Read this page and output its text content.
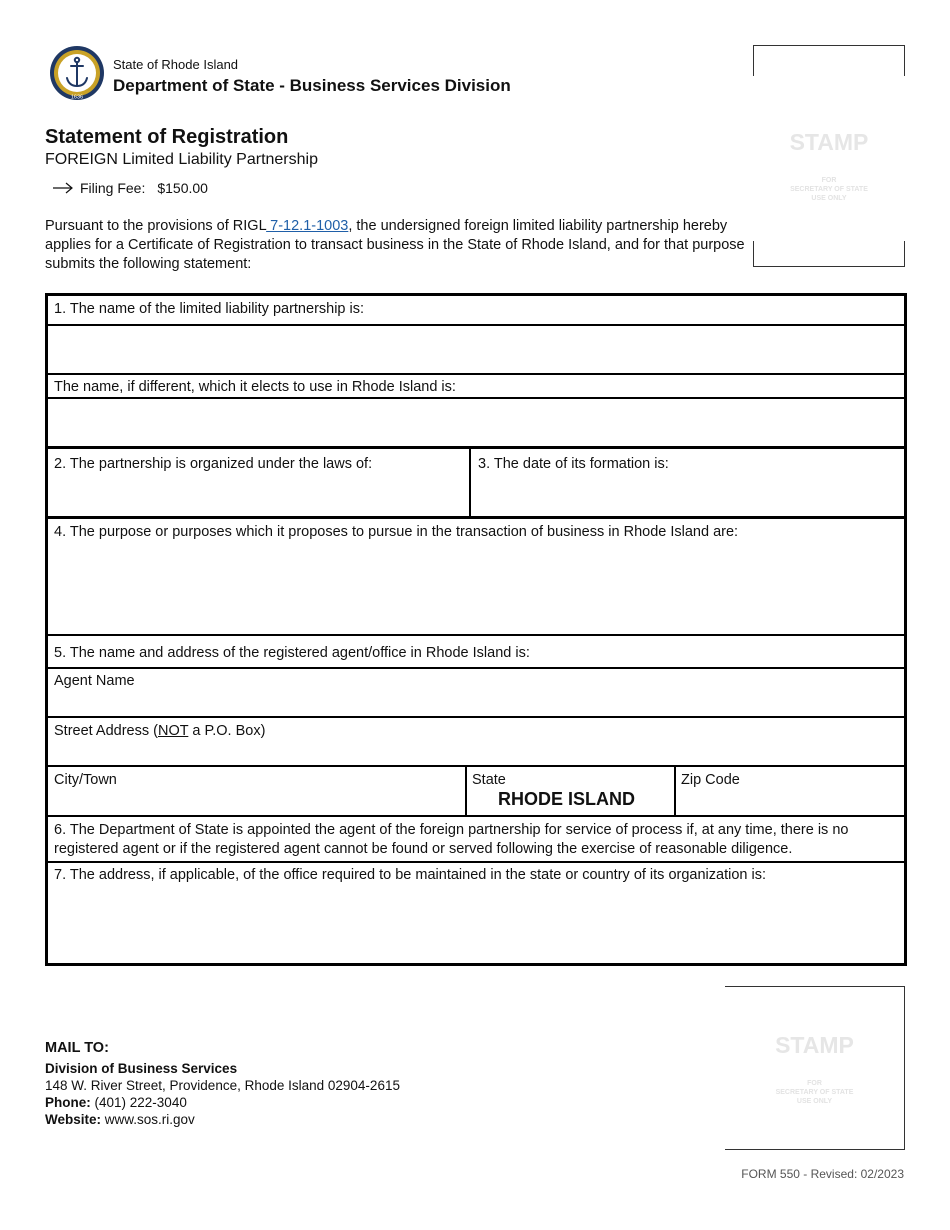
1636
State of Rhode Island
Department of State - Business Services Division
Statement of Registration
FOREIGN Limited Liability Partnership
Filing Fee: $150.00
Pursuant to the provisions of RIGL 7-12.1-1003, the undersigned foreign limited liability partnership hereby applies for a Certificate of Registration to transact business in the State of Rhode Island, and for that purpose submits the following statement:
STAMP
FOR
SECRETARY OF STATE
USE ONLY
1. The name of the limited liability partnership is:
The name, if different, which it elects to use in Rhode Island is:
2. The partnership is organized under the laws of:	3. The date of its formation is:
4. The purpose or purposes which it proposes to pursue in the transaction of business in Rhode Island are:
5. The name and address of the registered agent/office in Rhode Island is:
Agent Name
Street Address (NOT a P.O. Box)
City/Town	State
RHODE ISLAND
Zip Code
6. The Department of State is appointed the agent of the foreign partnership for service of process if, at any time, there is no registered agent or if the registered agent cannot be found or served following the exercise of reasonable diligence.
7. The address, if applicable, of the office required to be maintained in the state or country of its organization is:
MAIL TO:
Division of Business Services
148 W. River Street, Providence, Rhode Island 02904-2615
Phone: (401) 222-3040
Website: www.sos.ri.gov
STAMP
FOR
SECRETARY OF STATE
USE ONLY
FORM 550 - Revised: 02/2023
